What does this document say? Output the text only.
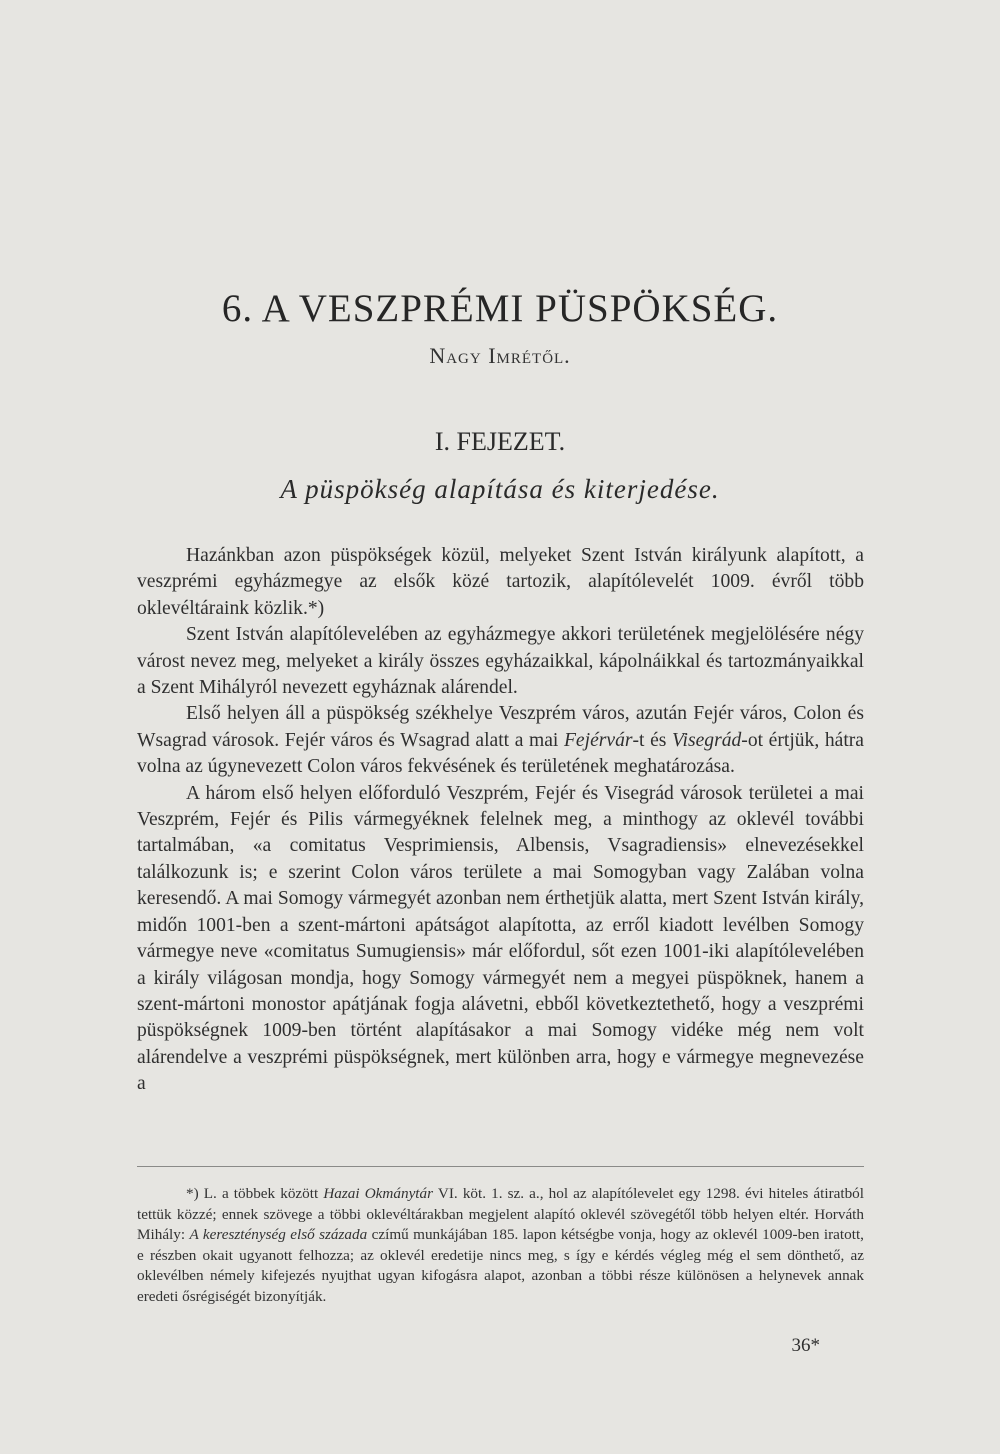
6. A VESZPRÉMI PÜSPÖKSÉG.
Nagy Imrétől.
I. FEJEZET.
A püspökség alapítása és kiterjedése.

Hazánkban azon püspökségek közül, melyeket Szent István királyunk alapított, a veszprémi egyházmegye az elsők közé tartozik, alapítólevelét 1009. évről több oklevéltáraink közlik.*)

Szent István alapítólevelében az egyházmegye akkori területének megjelölésére négy várost nevez meg, melyeket a király összes egyházaikkal, kápolnáikkal és tartozmányaikkal a Szent Mihályról nevezett egyháznak alárendel.

Első helyen áll a püspökség székhelye Veszprém város, azután Fejér város, Colon és Wsagrad városok. Fejér város és Wsagrad alatt a mai Fejérvár-t és Visegrád-ot értjük, hátra volna az úgynevezett Colon város fekvésének és területének meghatározása.

A három első helyen előforduló Veszprém, Fejér és Visegrád városok területei a mai Veszprém, Fejér és Pilis vármegyéknek felelnek meg, a minthogy az oklevél további tartalmában, «a comitatus Vesprimiensis, Albensis, Vsagradiensis» elnevezésekkel találkozunk is; e szerint Colon város területe a mai Somogyban vagy Zalában volna keresendő. A mai Somogy vármegyét azonban nem érthetjük alatta, mert Szent István király, midőn 1001-ben a szent-mártoni apátságot alapította, az erről kiadott levélben Somogy vármegye neve «comitatus Sumugiensis» már előfordul, sőt ezen 1001-iki alapítólevelében a király világosan mondja, hogy Somogy vármegyét nem a megyei püspöknek, hanem a szent-mártoni monostor apátjának fogja alávetni, ebből következtethető, hogy a veszprémi püspökségnek 1009-ben történt alapításakor a mai Somogy vidéke még nem volt alárendelve a veszprémi püspökségnek, mert különben arra, hogy e vármegye megnevezése a

*) L. a többek között Hazai Okmánytár VI. köt. 1. sz. a., hol az alapítólevelet egy 1298. évi hiteles átiratból tettük közzé; ennek szövege a többi oklevéltárakban megjelent alapító oklevél szövegétől több helyen eltér. Horváth Mihály: A kereszténység első százada czímű munkájában 185. lapon kétségbe vonja, hogy az oklevél 1009-ben iratott, e részben okait ugyanott felhozza; az oklevél eredetije nincs meg, s így e kérdés végleg még el sem dönthető, az oklevélben némely kifejezés nyujthat ugyan kifogásra alapot, azonban a többi része különösen a helynevek annak eredeti ősrégiségét bizonyítják.

36*
